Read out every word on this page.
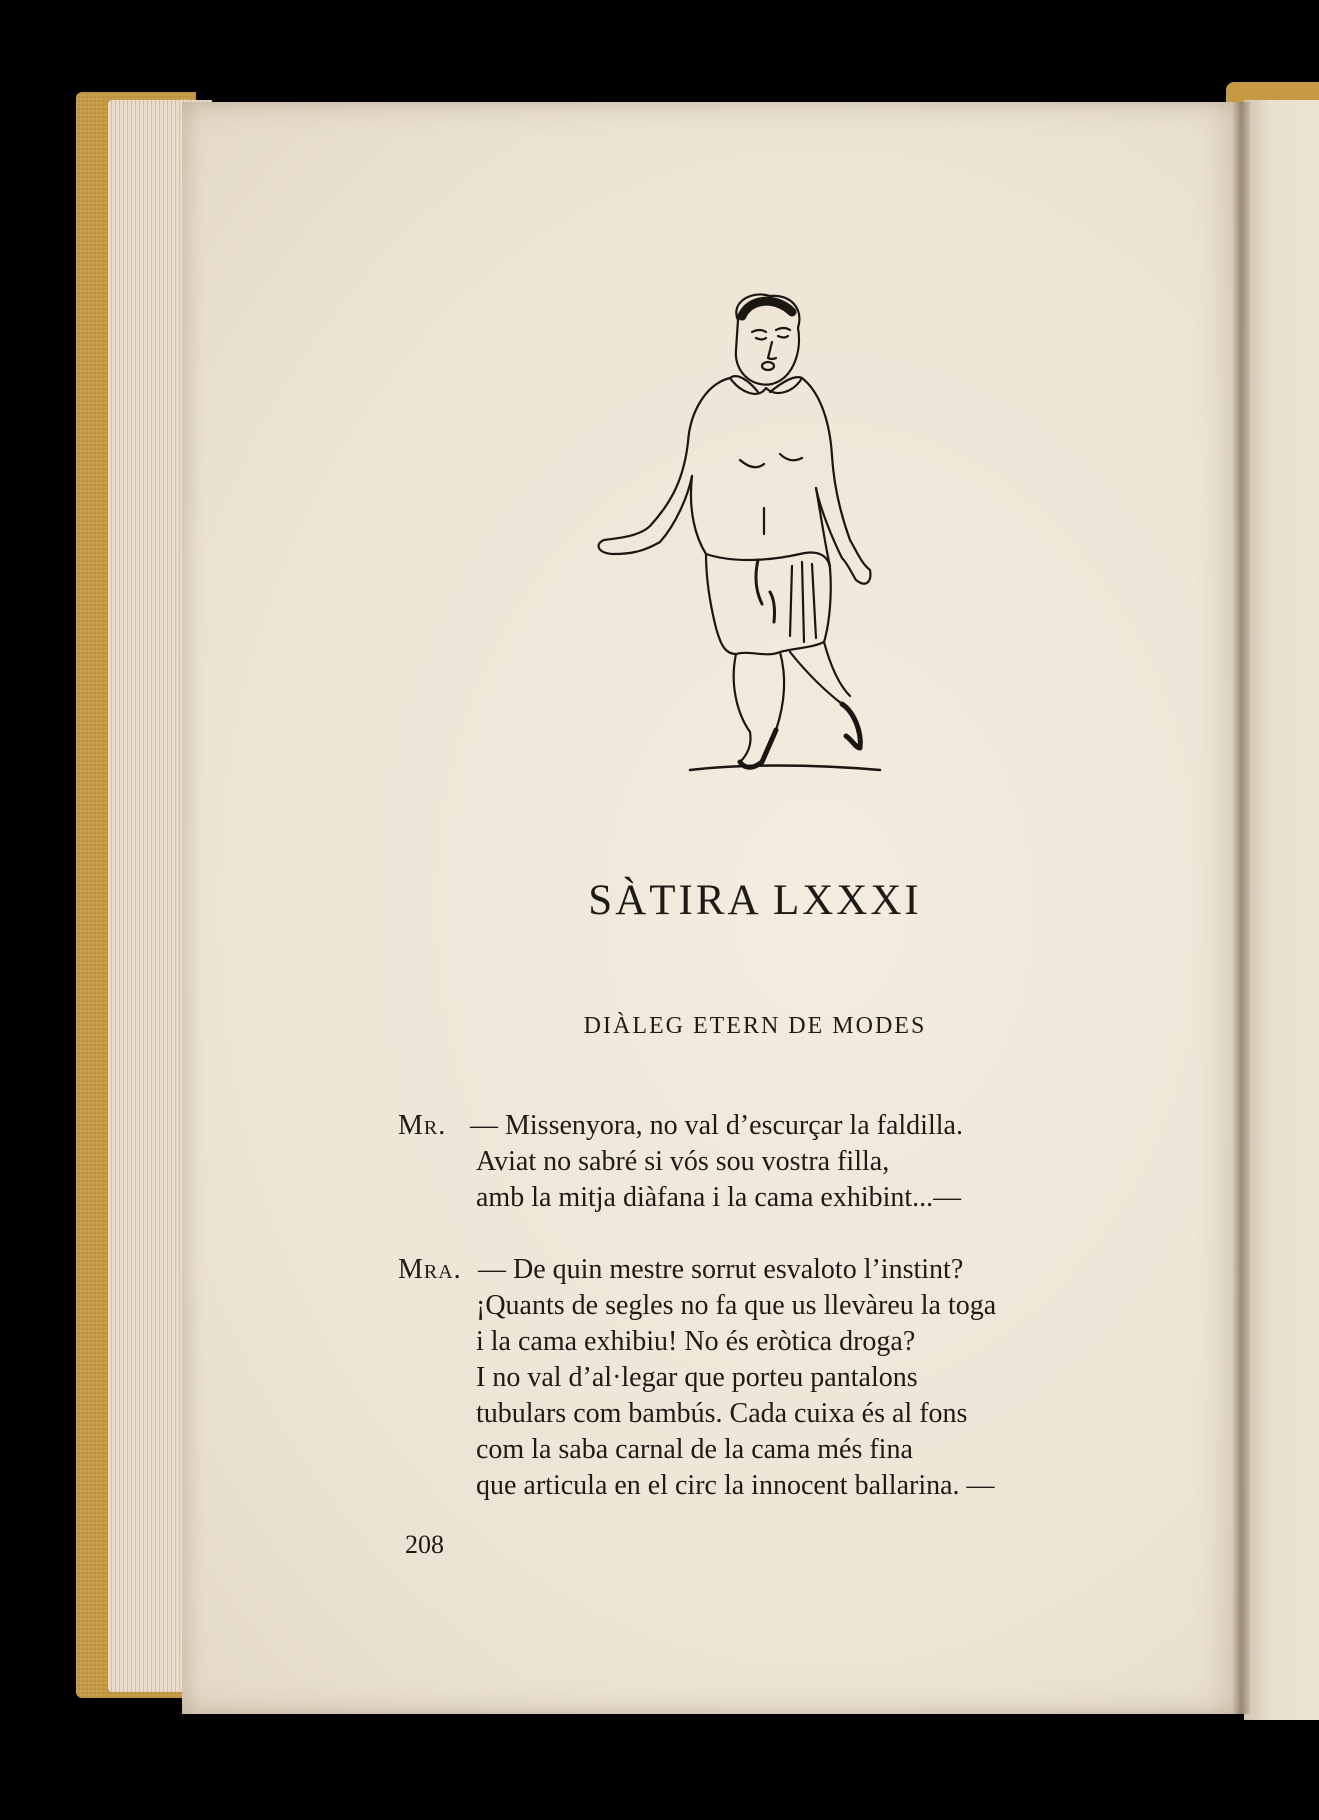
SÀTIRA LXXXI
DIÀLEG ETERN DE MODES
Mr. — Missenyora, no val d’escurçar la faldilla.
Aviat no sabré si vós sou vostra filla,
amb la mitja diàfana i la cama exhibint...—
Mra. — De quin mestre sorrut esvaloto l’instint?
¡Quants de segles no fa que us llevàreu la toga
i la cama exhibiu! No és eròtica droga?
I no val d’al·legar que porteu pantalons
tubulars com bambús. Cada cuixa és al fons
com la saba carnal de la cama més fina
que articula en el circ la innocent ballarina. —
208
